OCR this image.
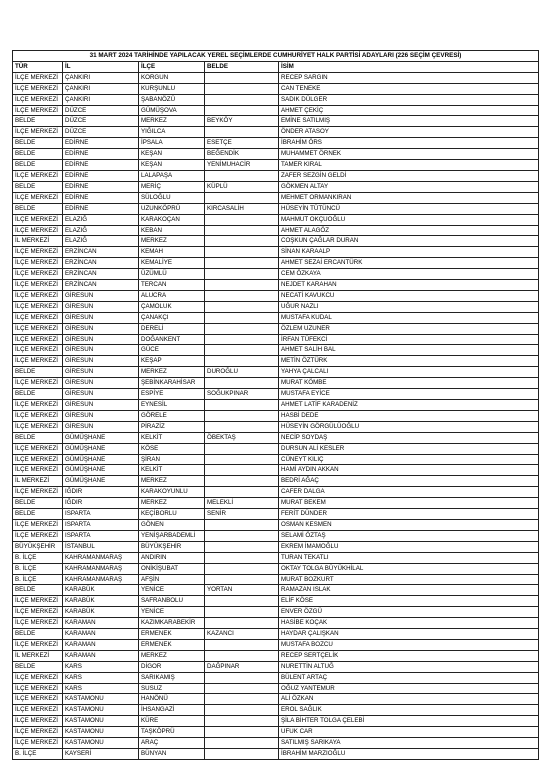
31 MART 2024 TARİHİNDE YAPILACAK YEREL SEÇİMLERDE CUMHURİYET HALK PARTİSİ ADAYLARI (226 SEÇİM ÇEVRESİ)				
TÜR	İL	İLÇE	BELDE	İSİM
İLÇE MERKEZİ	ÇANKIRI	KORGUN		RECEP SARGIN
İLÇE MERKEZİ	ÇANKIRI	KURŞUNLU		CAN TENEKE
İLÇE MERKEZİ	ÇANKIRI	ŞABANÖZÜ		SADIK DÜLGER
İLÇE MERKEZİ	DÜZCE	GÜMÜŞOVA		AHMET ÇEKİÇ
BELDE	DÜZCE	MERKEZ	BEYKÖY	EMİNE SATILMIŞ
İLÇE MERKEZİ	DÜZCE	YIĞILCA		ÖNDER ATASOY
BELDE	EDİRNE	İPSALA	ESETÇE	İBRAHİM ÖRS
BELDE	EDİRNE	KEŞAN	BEĞENDİK	MUHAMMET ÖRNEK
BELDE	EDİRNE	KEŞAN	YENİMUHACİR	TAMER KIRAL
İLÇE MERKEZİ	EDİRNE	LALAPAŞA		ZAFER SEZGİN GELDİ
BELDE	EDİRNE	MERİÇ	KÜPLÜ	GÖKMEN ALTAY
İLÇE MERKEZİ	EDİRNE	SÜLOĞLU		MEHMET ORMANKIRAN
BELDE	EDİRNE	UZUNKÖPRÜ	KIRCASALİH	HÜSEYİN TÜTÜNCÜ
İLÇE MERKEZİ	ELAZIĞ	KARAKOÇAN		MAHMUT OKÇUOĞLU
İLÇE MERKEZİ	ELAZIĞ	KEBAN		AHMET ALAGÖZ
İL MERKEZİ	ELAZIĞ	MERKEZ		COŞKUN ÇAĞLAR DURAN
İLÇE MERKEZİ	ERZİNCAN	KEMAH		SİNAN KARAALP
İLÇE MERKEZİ	ERZİNCAN	KEMALİYE		AHMET SEZAİ ERCANTÜRK
İLÇE MERKEZİ	ERZİNCAN	ÜZÜMLÜ		CEM ÖZKAYA
İLÇE MERKEZİ	ERZİNCAN	TERCAN		NEJDET KARAHAN
İLÇE MERKEZİ	GİRESUN	ALUCRA		NECATİ KAVUKCU
İLÇE MERKEZİ	GİRESUN	ÇAMOLUK		UĞUR NAZLI
İLÇE MERKEZİ	GİRESUN	ÇANAKÇI		MUSTAFA KUDAL
İLÇE MERKEZİ	GİRESUN	DERELİ		ÖZLEM UZUNER
İLÇE MERKEZİ	GİRESUN	DOĞANKENT		İRFAN TÜFEKCİ
İLÇE MERKEZİ	GİRESUN	GÜCE		AHMET SALİH BAL
İLÇE MERKEZİ	GİRESUN	KEŞAP		METİN ÖZTÜRK
BELDE	GİRESUN	MERKEZ	DUROĞLU	YAHYA ÇALCALI
İLÇE MERKEZİ	GİRESUN	ŞEBİNKARAHİSAR		MURAT KÖMBE
BELDE	GİRESUN	ESPİYE	SOĞUKPINAR	MUSTAFA EYİCE
İLÇE MERKEZİ	GİRESUN	EYNESİL		AHMET LATİF KARADENİZ
İLÇE MERKEZİ	GİRESUN	GÖRELE		HASBİ DEDE
İLÇE MERKEZİ	GİRESUN	PİRAZİZ		HÜSEYİN GÖRGÜLÜOĞLU
BELDE	GÜMÜŞHANE	KELKİT	ÖBEKTAŞ	NECİP SOYDAŞ
İLÇE MERKEZİ	GÜMÜŞHANE	KÖSE		DURSUN ALİ KESLER
İLÇE MERKEZİ	GÜMÜŞHANE	ŞİRAN		CÜNEYT KILIÇ
İLÇE MERKEZİ	GÜMÜŞHANE	KELKİT		HAMİ AYDIN AKKAN
İL MERKEZİ	GÜMÜŞHANE	MERKEZ		BEDRİ AĞAÇ
İLÇE MERKEZİ	IĞDIR	KARAKOYUNLU		CAFER DALGA
BELDE	IĞDIR	MERKEZ	MELEKLİ	MURAT BEKEM
BELDE	ISPARTA	KEÇİBORLU	SENİR	FERİT DÜNDER
İLÇE MERKEZİ	ISPARTA	GÖNEN		OSMAN KESMEN
İLÇE MERKEZİ	ISPARTA	YENİŞARBADEMLİ		SELAMİ ÖZTAŞ
BÜYÜKŞEHİR	İSTANBUL	BÜYÜKŞEHİR		EKREM İMAMOĞLU
B. İLÇE	KAHRAMANMARAŞ	ANDIRIN		TURAN TEKATLI
B. İLÇE	KAHRAMANMARAŞ	ONİKİŞUBAT		OKTAY TOLGA BÜYÜKHİLAL
B. İLÇE	KAHRAMANMARAŞ	AFŞİN		MURAT BOZKURT
BELDE	KARABÜK	YENİCE	YORTAN	RAMAZAN ISLAK
İLÇE MERKEZİ	KARABÜK	SAFRANBOLU		ELİF KÖSE
İLÇE MERKEZİ	KARABÜK	YENİCE		ENVER ÖZGÜ
İLÇE MERKEZİ	KARAMAN	KAZIMKARABEKİR		HASİBE KOÇAK
BELDE	KARAMAN	ERMENEK	KAZANCI	HAYDAR ÇALIŞKAN
İLÇE MERKEZİ	KARAMAN	ERMENEK		MUSTAFA BOZCU
İL MERKEZİ	KARAMAN	MERKEZ		RECEP SERTÇELİK
BELDE	KARS	DİGOR	DAĞPINAR	NURETTİN ALTUĞ
İLÇE MERKEZİ	KARS	SARIKAMIŞ		BÜLENT ARTAÇ
İLÇE MERKEZİ	KARS	SUSUZ		OĞUZ YANTEMUR
İLÇE MERKEZİ	KASTAMONU	HANÖNÜ		ALİ ÖZKAN
İLÇE MERKEZİ	KASTAMONU	İHSANGAZİ		EROL SAĞLIK
İLÇE MERKEZİ	KASTAMONU	KÜRE		ŞİLA BİHTER TOLGA ÇELEBİ
İLÇE MERKEZİ	KASTAMONU	TAŞKÖPRÜ		UFUK CAR
İLÇE MERKEZİ	KASTAMONU	ARAÇ		SATILMIŞ SARIKAYA
B. İLÇE	KAYSERİ	BÜNYAN		İBRAHİM MARZIOĞLU
